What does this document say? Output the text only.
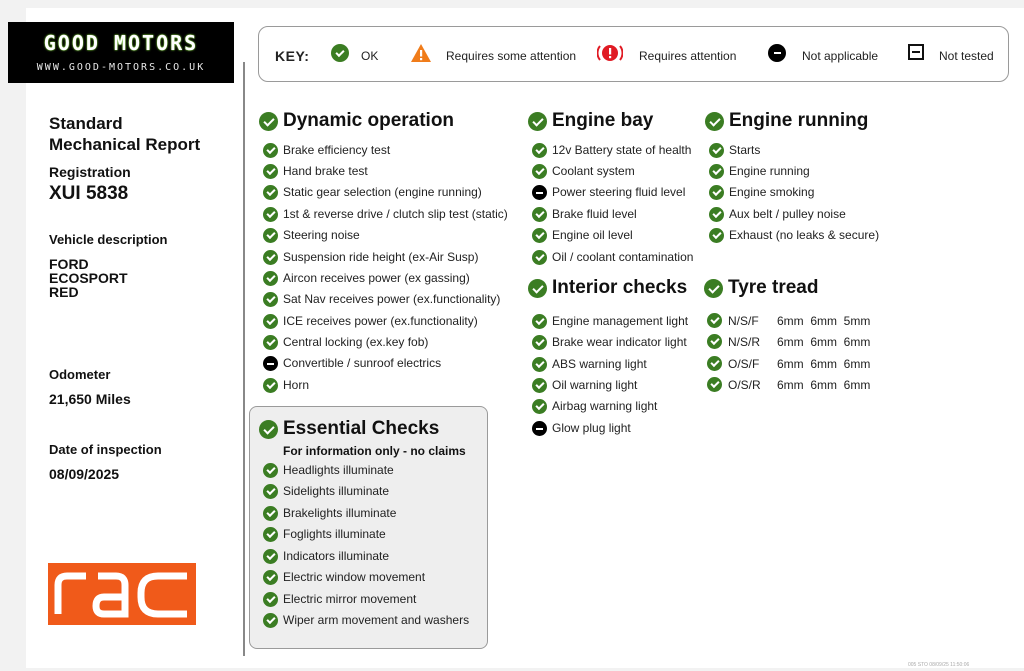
GOOD MOTORS
WWW.GOOD-MOTORS.CO.UK
KEY:	OK	Requires some attention	Requires attention	Not applicable	Not tested
Standard
Mechanical Report
Registration
XUI 5838
Vehicle description
FORD
ECOSPORT
RED
Odometer
21,650 Miles
Date of inspection
08/09/2025
Dynamic operation	Engine bay	Engine running
Interior checks Tyre tread
Essential Checks
For information only - no claims
Brake efficiency test
Hand brake test
Static gear selection (engine running)
1st & reverse drive / clutch slip test (static)
Steering noise
Suspension ride height (ex-Air Susp)
Aircon receives power (ex gassing)
Sat Nav receives power (ex.functionality)
ICE receives power (ex.functionality)
Central locking (ex.key fob)
Convertible / sunroof electrics
Horn
12v Battery state of health
Coolant system
Power steering fluid level
Brake fluid level
Engine oil level
Oil / coolant contamination
Starts
Engine running
Engine smoking
Aux belt / pulley noise
Exhaust (no leaks & secure)
Engine management light
Brake wear indicator light
ABS warning light
Oil warning light
Airbag warning light
Glow plug light
N/S/F 6mm  6mm  5mm
N/S/R 6mm  6mm  6mm
O/S/F 6mm  6mm  6mm
O/S/R 6mm  6mm  6mm
Headlights illuminate
Sidelights illuminate
Brakelights illuminate
Foglights illuminate
Indicators illuminate
Electric window movement
Electric mirror movement
Wiper arm movement and washers
005 STO 08/09/25 11:50:06
